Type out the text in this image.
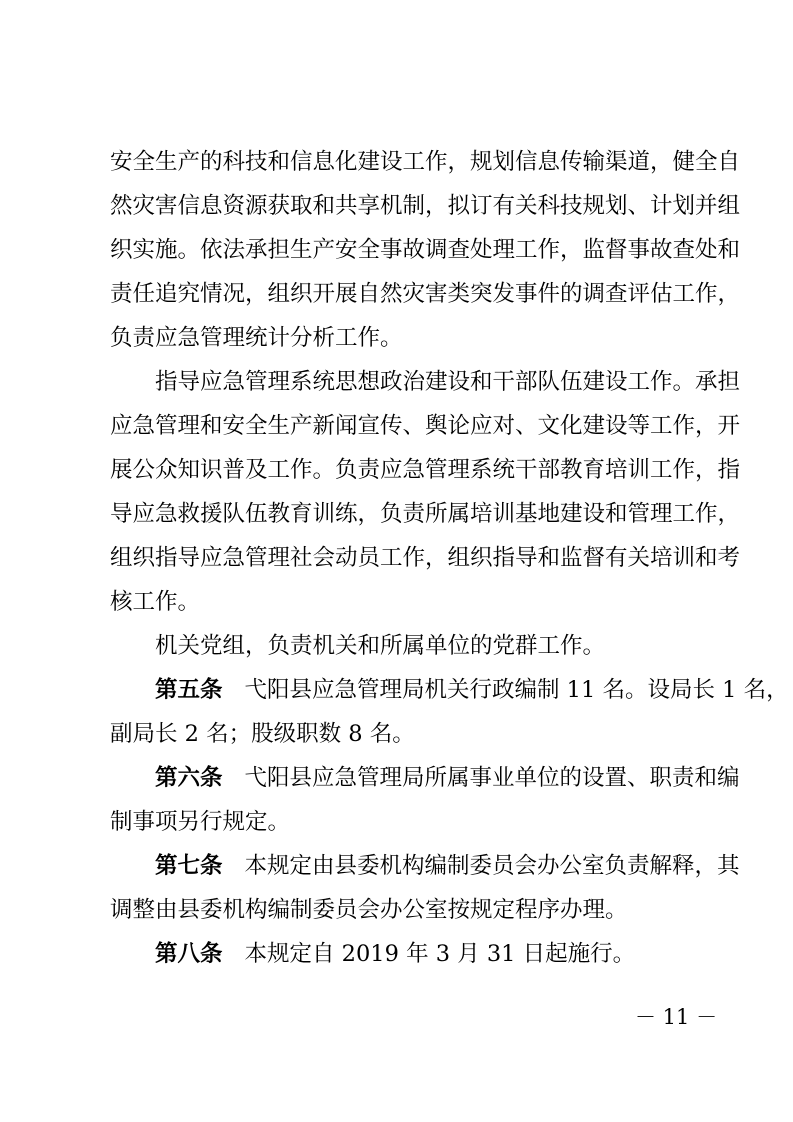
安全生产的科技和信息化建设工作，规划信息传输渠道，健全自
然灾害信息资源获取和共享机制，拟订有关科技规划、计划并组
织实施。依法承担生产安全事故调查处理工作，监督事故查处和
责任追究情况，组织开展自然灾害类突发事件的调查评估工作，
负责应急管理统计分析工作。
指导应急管理系统思想政治建设和干部队伍建设工作。承担
应急管理和安全生产新闻宣传、舆论应对、文化建设等工作，开
展公众知识普及工作。负责应急管理系统干部教育培训工作，指
导应急救援队伍教育训练，负责所属培训基地建设和管理工作，
组织指导应急管理社会动员工作，组织指导和监督有关培训和考
核工作。
机关党组，负责机关和所属单位的党群工作。
第五条 弋阳县应急管理局机关行政编制 11 名。设局长 1 名，
副局长 2 名；股级职数 8 名。
第六条 弋阳县应急管理局所属事业单位的设置、职责和编
制事项另行规定。
第七条 本规定由县委机构编制委员会办公室负责解释，其
调整由县委机构编制委员会办公室按规定程序办理。
第八条 本规定自 2019 年 3 月 31 日起施行。
－ 11 －
